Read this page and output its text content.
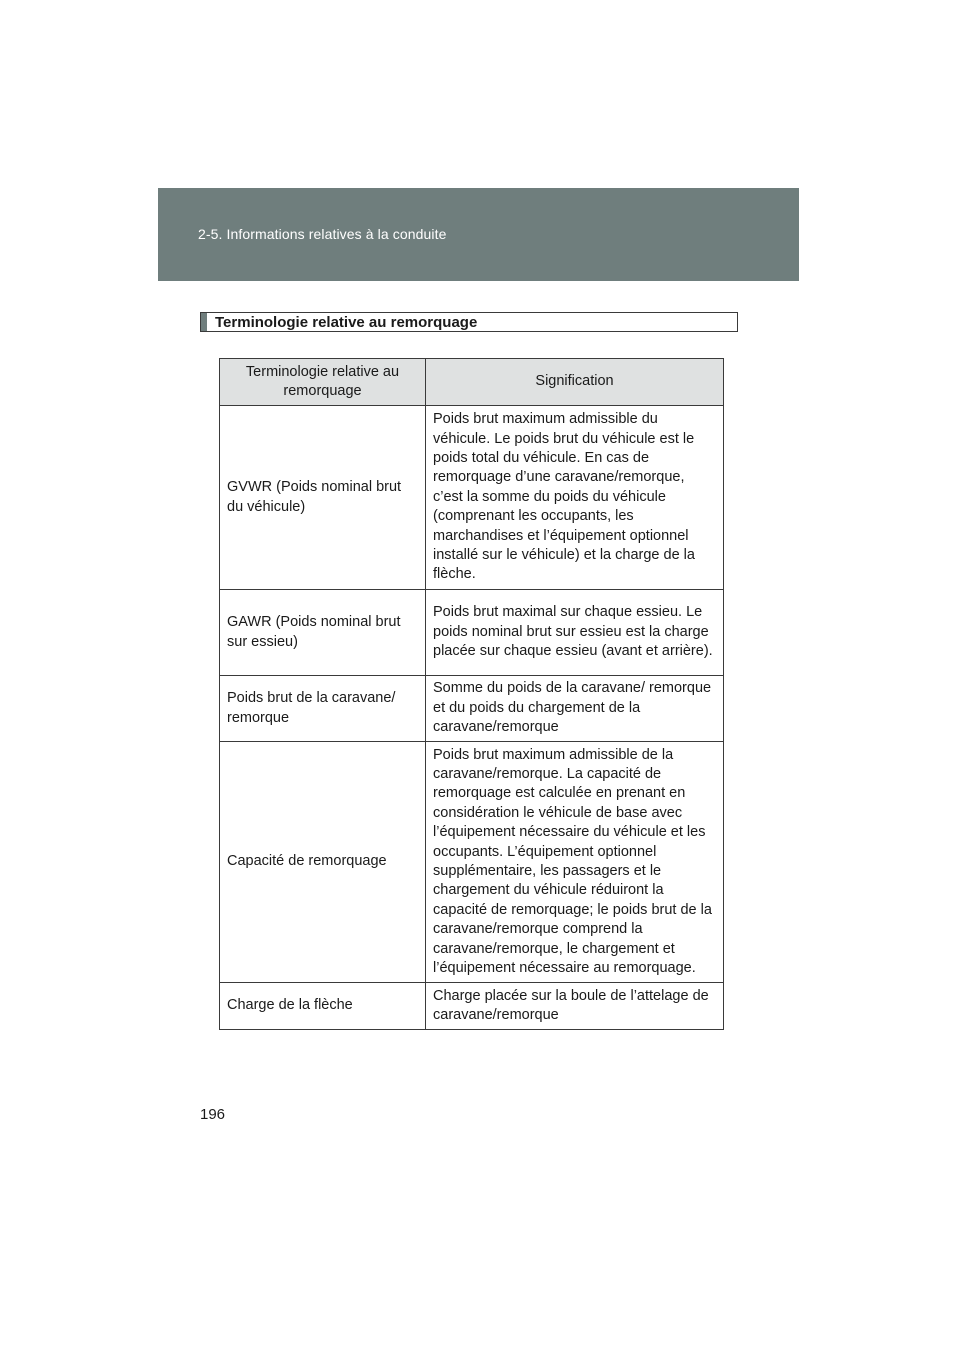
2-5. Informations relatives à la conduite
Terminologie relative au remorquage
Terminologie relative au remorquage	Signification
GVWR (Poids nominal brut du véhicule)	Poids brut maximum admissible du véhicule. Le poids brut du véhicule est le poids total du véhicule. En cas de remorquage d’une caravane/remorque, c’est la somme du poids du véhicule (comprenant les occupants, les marchandises et l’équipement optionnel installé sur le véhicule) et la charge de la flèche.
GAWR (Poids nominal brut sur essieu)	Poids brut maximal sur chaque essieu. Le poids nominal brut sur essieu est la charge placée sur chaque essieu (avant et arrière).
Poids brut de la caravane/ remorque	Somme du poids de la caravane/ remorque et du poids du chargement de la caravane/remorque
Capacité de remorquage	Poids brut maximum admissible de la caravane/remorque. La capacité de remorquage est calculée en prenant en considération le véhicule de base avec l’équipement nécessaire du véhicule et les occupants. L’équipement optionnel supplémentaire, les passagers et le chargement du véhicule réduiront la capacité de remorquage; le poids brut de la caravane/remorque comprend la caravane/remorque, le chargement et l’équipement nécessaire au remorquage.
Charge de la flèche	Charge placée sur la boule de l’attelage de caravane/remorque
196
